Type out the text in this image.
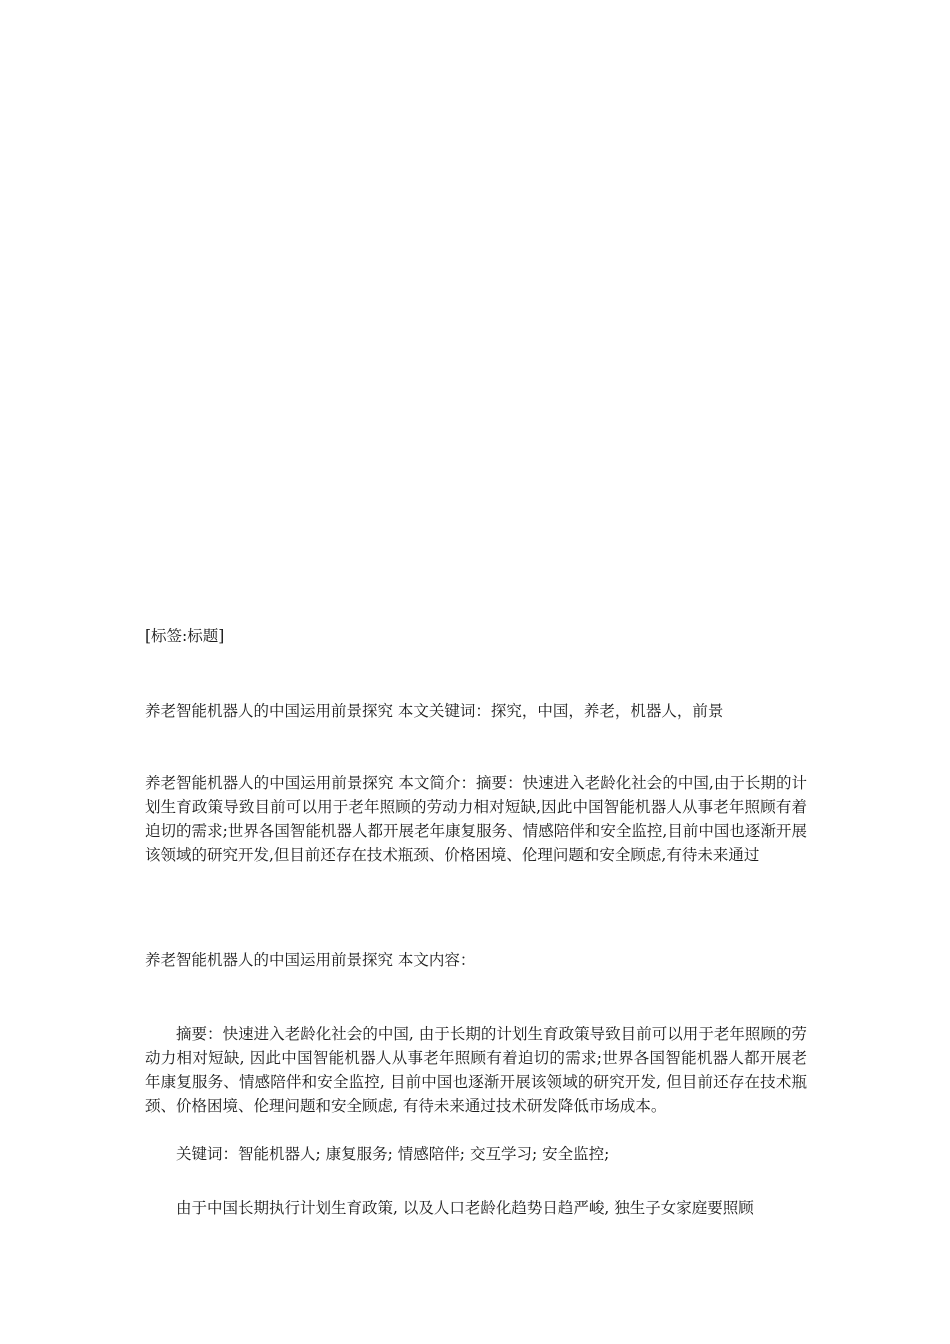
[标签:标题]

养老智能机器人的中国运用前景探究 本文关键词：探究，中国，养老，机器人，前景

养老智能机器人的中国运用前景探究 本文简介：摘要：快速进入老龄化社会的中国,由于长期的计划生育政策导致目前可以用于老年照顾的劳动力相对短缺,因此中国智能机器人从事老年照顾有着迫切的需求;世界各国智能机器人都开展老年康复服务、情感陪伴和安全监控,目前中国也逐渐开展该领域的研究开发,但目前还存在技术瓶颈、价格困境、伦理问题和安全顾虑,有待未来通过

养老智能机器人的中国运用前景探究 本文内容：

摘要：快速进入老龄化社会的中国, 由于长期的计划生育政策导致目前可以用于老年照顾的劳动力相对短缺, 因此中国智能机器人从事老年照顾有着迫切的需求;世界各国智能机器人都开展老年康复服务、情感陪伴和安全监控, 目前中国也逐渐开展该领域的研究开发, 但目前还存在技术瓶颈、价格困境、伦理问题和安全顾虑, 有待未来通过技术研发降低市场成本。

关键词：智能机器人; 康复服务; 情感陪伴; 交互学习; 安全监控;

由于中国长期执行计划生育政策, 以及人口老龄化趋势日趋严峻, 独生子女家庭要照顾
